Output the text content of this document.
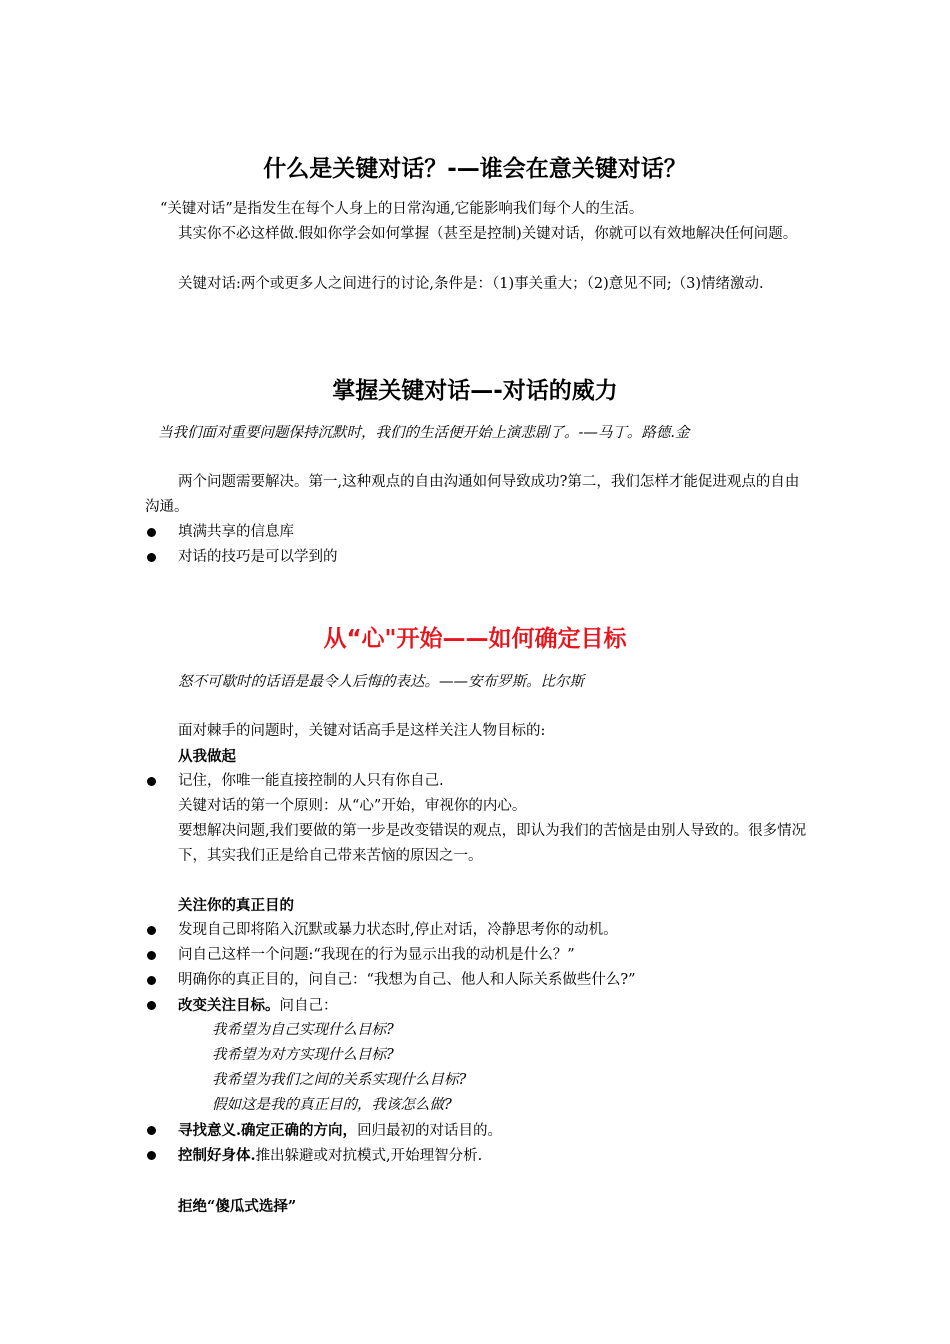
什么是关键对话？-—谁会在意关键对话？

“关键对话”是指发生在每个人身上的日常沟通,它能影响我们每个人的生活。

其实你不必这样做.假如你学会如何掌握（甚至是控制)关键对话，你就可以有效地解决任何问题。

关键对话:两个或更多人之间进行的讨论,条件是：（1)事关重大；（2)意见不同;（3)情绪激动.

掌握关键对话—-对话的威力

当我们面对重要问题保持沉默时，我们的生活便开始上演悲剧了。-—马丁。路德.金

两个问题需要解决。第一,这种观点的自由沟通如何导致成功?第二，我们怎样才能促进观点的自由沟通。

填满共享的信息库
对话的技巧是可以学到的
从“心"开始——如何确定目标

怒不可歇时的话语是最令人后悔的表达。——安布罗斯。比尔斯

面对棘手的问题时，关键对话高手是这样关注人物目标的:

从我做起

记住，你唯一能直接控制的人只有你自己.

关键对话的第一个原则：从“心”开始，审视你的内心。

要想解决问题,我们要做的第一步是改变错误的观点，即认为我们的苦恼是由别人导致的。很多情况下，其实我们正是给自己带来苦恼的原因之一。

关注你的真正目的

发现自己即将陷入沉默或暴力状态时,停止对话，冷静思考你的动机。
问自己这样一个问题:“我现在的行为显示出我的动机是什么？”
明确你的真正目的，问自己：“我想为自己、他人和人际关系做些什么?”
改变关注目标。问自己：

我希望为自己实现什么目标?

我希望为对方实现什么目标?

我希望为我们之间的关系实现什么目标?

假如这是我的真正目的，我该怎么做?

寻找意义.确定正确的方向，回归最初的对话目的。
控制好身体.推出躲避或对抗模式,开始理智分析.

拒绝“傻瓜式选择”
